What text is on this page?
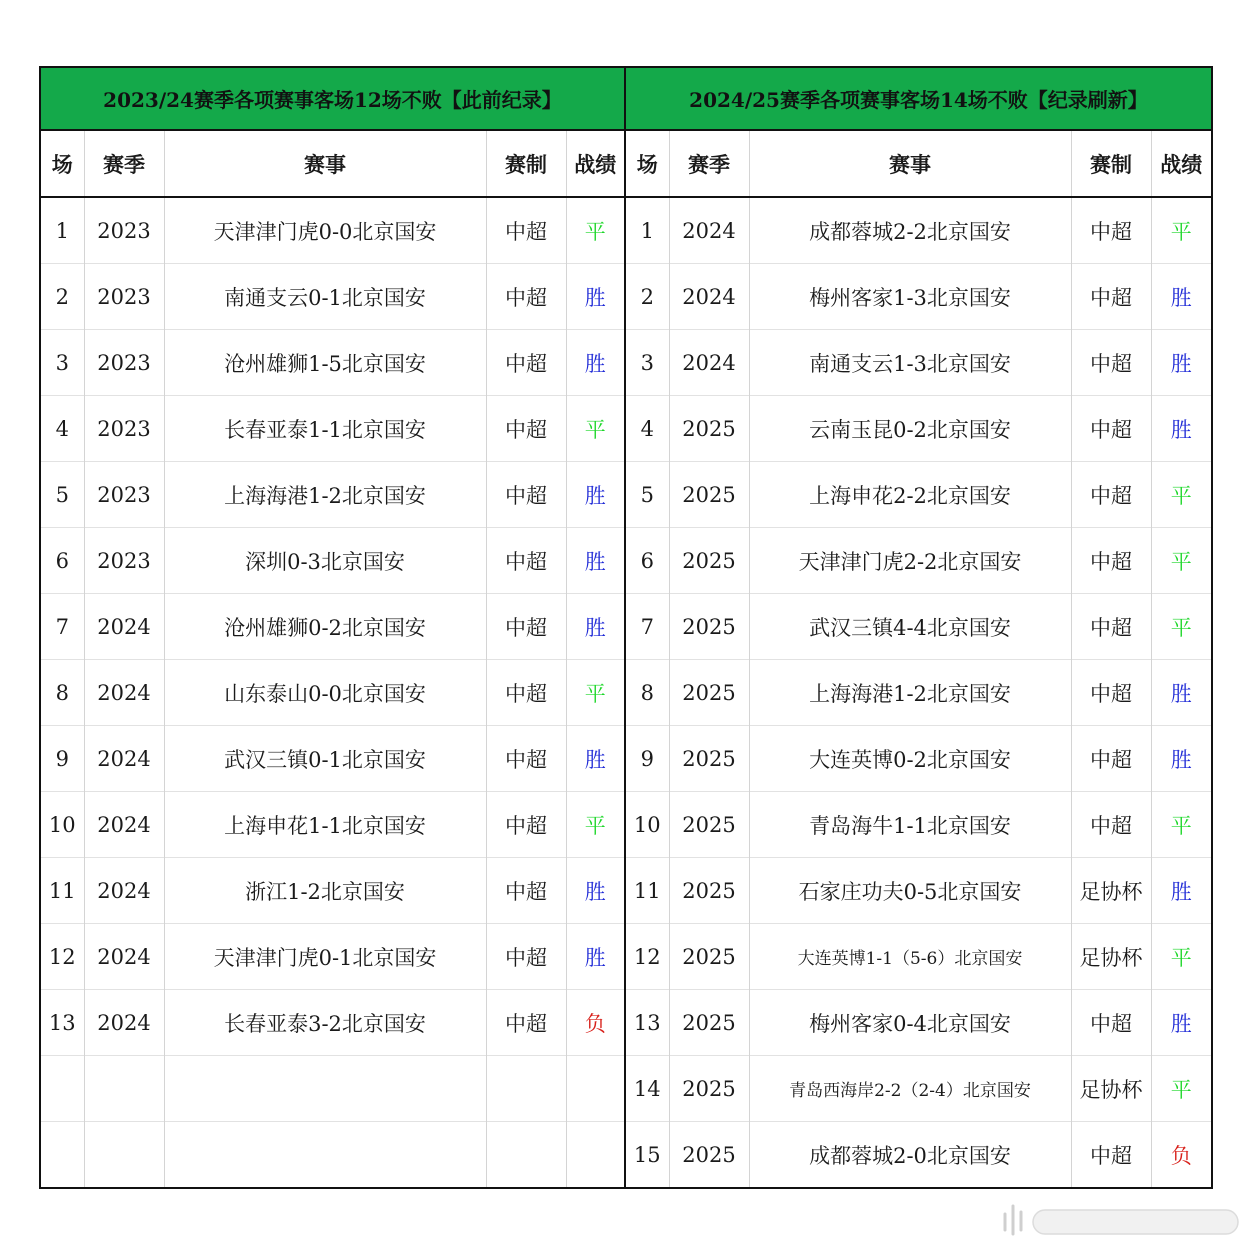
2023/24赛季各项赛事客场12场不败【此前纪录】
场	赛季	赛事	赛制	战绩
1	2023	天津津门虎0-0北京国安	中超	平
2	2023	南通支云0-1北京国安	中超	胜
3	2023	沧州雄狮1-5北京国安	中超	胜
4	2023	长春亚泰1-1北京国安	中超	平
5	2023	上海海港1-2北京国安	中超	胜
6	2023	深圳0-3北京国安	中超	胜
7	2024	沧州雄狮0-2北京国安	中超	胜
8	2024	山东泰山0-0北京国安	中超	平
9	2024	武汉三镇0-1北京国安	中超	胜
10	2024	上海申花1-1北京国安	中超	平
11	2024	浙江1-2北京国安	中超	胜
12	2024	天津津门虎0-1北京国安	中超	胜
13	2024	长春亚泰3-2北京国安	中超	负

2024/25赛季各项赛事客场14场不败【纪录刷新】
场	赛季	赛事	赛制	战绩
1	2024	成都蓉城2-2北京国安	中超	平
2	2024	梅州客家1-3北京国安	中超	胜
3	2024	南通支云1-3北京国安	中超	胜
4	2025	云南玉昆0-2北京国安	中超	胜
5	2025	上海申花2-2北京国安	中超	平
6	2025	天津津门虎2-2北京国安	中超	平
7	2025	武汉三镇4-4北京国安	中超	平
8	2025	上海海港1-2北京国安	中超	胜
9	2025	大连英博0-2北京国安	中超	胜
10	2025	青岛海牛1-1北京国安	中超	平
11	2025	石家庄功夫0-5北京国安	足协杯	胜
12	2025	大连英博1-1（5-6）北京国安	足协杯	平
13	2025	梅州客家0-4北京国安	中超	胜
14	2025	青岛西海岸2-2（2-4）北京国安	足协杯	平
15	2025	成都蓉城2-0北京国安	中超	负
